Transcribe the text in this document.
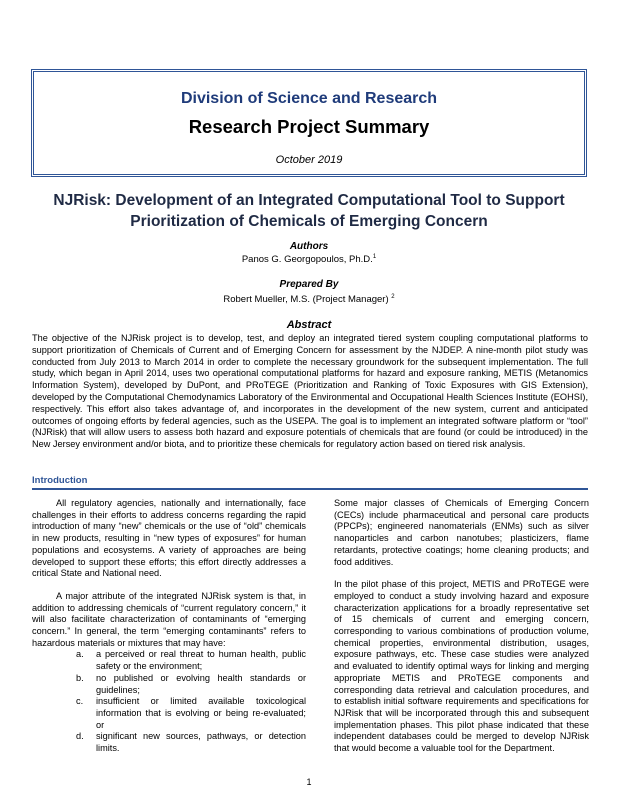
Division of Science and Research
Research Project Summary
October 2019
NJRisk: Development of an Integrated Computational Tool to Support
Prioritization of Chemicals of Emerging Concern
Authors
Panos G. Georgopoulos, Ph.D.$^1$
Prepared By
Robert Mueller, M.S. (Project Manager) $^2$
Abstract
The objective of the NJRisk project is to develop, test, and deploy an integrated tiered system coupling computational platforms to support prioritization of Chemicals of Current and of Emerging Concern for assessment by the NJDEP. A nine-month pilot study was conducted from July 2013 to March 2014 in order to complete the necessary groundwork for the subsequent implementation. The full study, which began in April 2014, uses two operational computational platforms for hazard and exposure ranking, METIS (Metanomics Information System), developed by DuPont, and PRoTEGE (Prioritization and Ranking of Toxic Exposures with GIS Extension), developed by the Computational Chemodynamics Laboratory of the Environmental and Occupational Health Sciences Institute (EOHSI), respectively. This effort also takes advantage of, and incorporates in the development of the new system, current and anticipated outcomes of ongoing efforts by federal agencies, such as the USEPA. The goal is to implement an integrated software platform or “tool” (NJRisk) that will allow users to assess both hazard and exposure potentials of chemicals that are found (or could be introduced) in the New Jersey environment and/or biota, and to prioritize these chemicals for regulatory action based on tiered risk analysis.
Introduction

All regulatory agencies, nationally and internationally, face challenges in their efforts to address concerns regarding the rapid introduction of many “new” chemicals or the use of “old” chemicals in new products, resulting in “new types of exposures” for human populations and ecosystems. A variety of approaches are being developed to support these efforts; this effort directly addresses a critical State and National need.

A major attribute of the integrated NJRisk system is that, in addition to addressing chemicals of “current regulatory concern,” it will also facilitate characterization of contaminants of “emerging concern.” In general, the term “emerging contaminants” refers to hazardous materials or mixtures that may have:

a.	a perceived or real threat to human health, public safety or the environment;
b.	no published or evolving health standards or guidelines;
c.	insufficient or limited available toxicological information that is evolving or being re-evaluated; or
d.	significant new sources, pathways, or detection limits.

Some major classes of Chemicals of Emerging Concern (CECs) include pharmaceutical and personal care products (PPCPs); engineered nanomaterials (ENMs) such as silver nanoparticles and carbon nanotubes; plasticizers, flame retardants, protective coatings; home cleaning products; and food additives.

In the pilot phase of this project, METIS and PRoTEGE were employed to conduct a study involving hazard and exposure characterization applications for a broadly representative set of 15 chemicals of current and emerging concern, corresponding to various combinations of production volume, chemical properties, environmental distribution, usages, exposure pathways, etc. These case studies were analyzed and evaluated to identify optimal ways for linking and merging appropriate METIS and PRoTEGE components and corresponding data retrieval and calculation procedures, and to establish initial software requirements and specifications for NJRisk that will be incorporated through this and subsequent implementation phases. This pilot phase indicated that these independent databases could be merged to develop NJRisk that would become a valuable tool for the Department.

1
